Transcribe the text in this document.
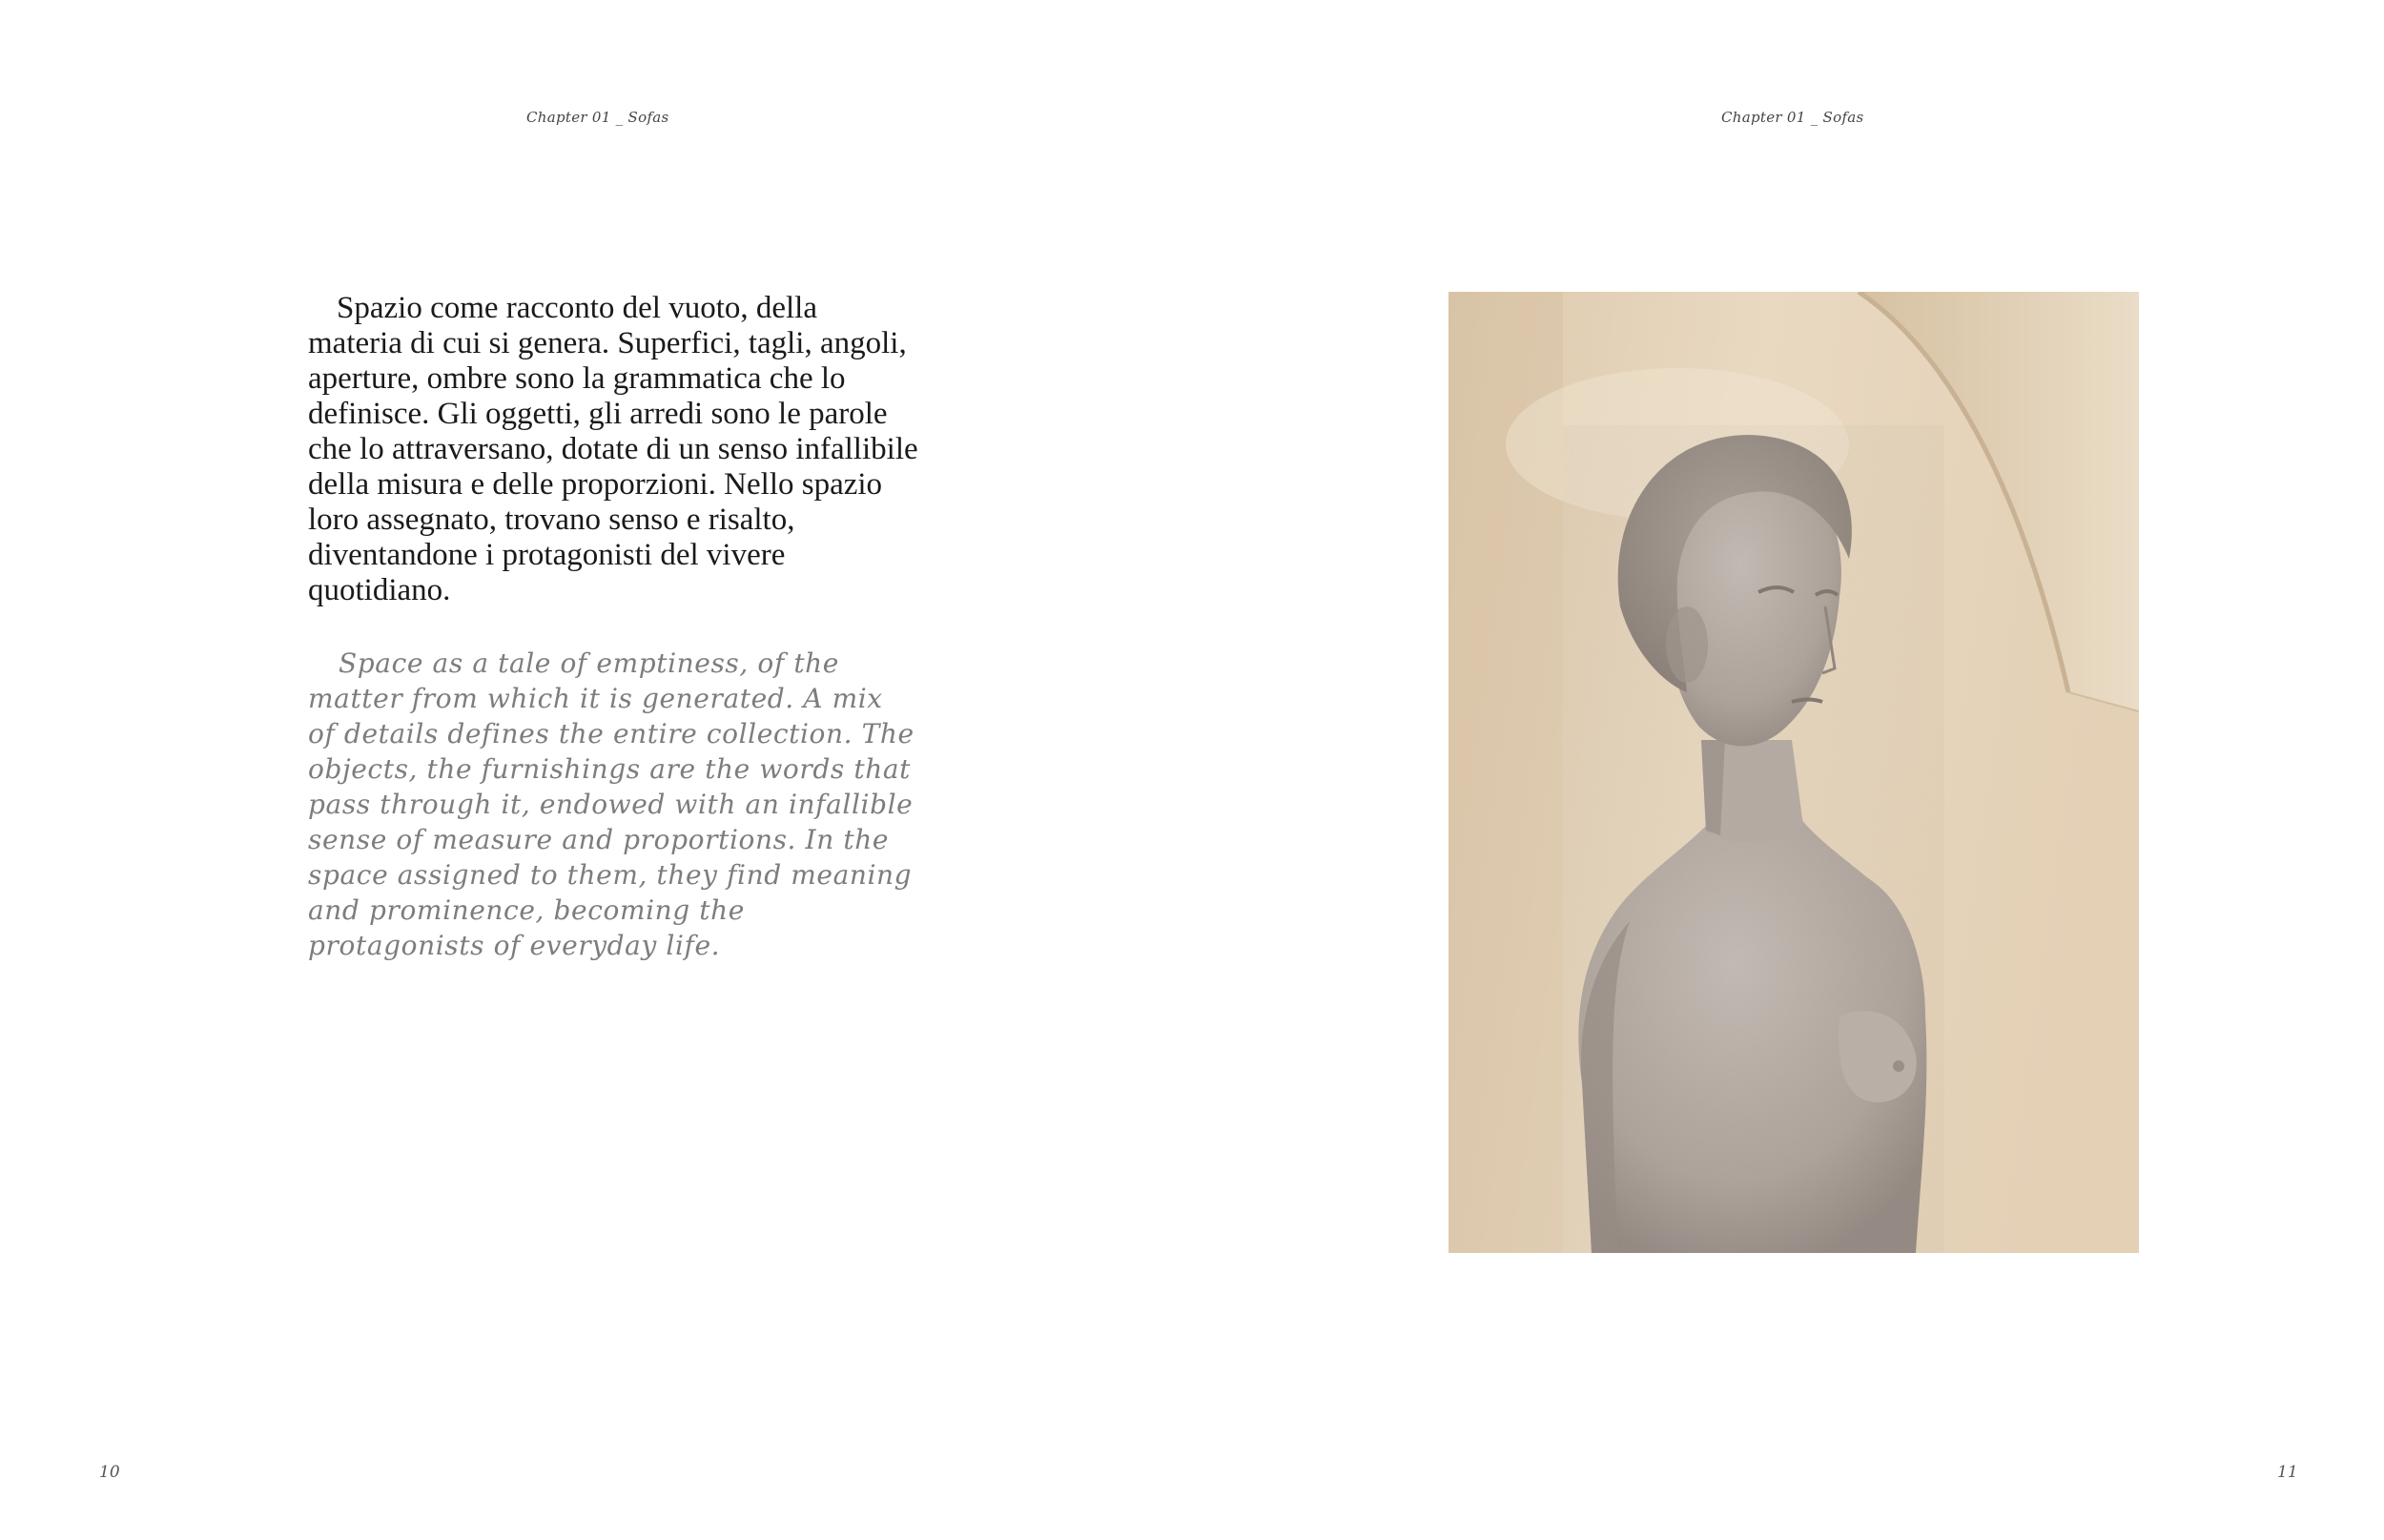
Chapter 01 _ Sofas	Chapter 01 _ Sofas

Spazio come racconto del vuoto, della materia di cui si genera. Superfici, tagli, angoli, aperture, ombre sono la grammatica che lo definisce. Gli oggetti, gli arredi sono le parole che lo attraversano, dotate di un senso infallibile della misura e delle proporzioni. Nello spazio loro assegnato, trovano senso e risalto, diventandone i protagonisti del vivere quotidiano.

Space as a tale of emptiness, of the matter from which it is generated. A mix of details defines the entire collection. The objects, the furnishings are the words that pass through it, endowed with an infallible sense of measure and proportions. In the space assigned to them, they find meaning and prominence, becoming the protagonists of everyday life.

10	11
